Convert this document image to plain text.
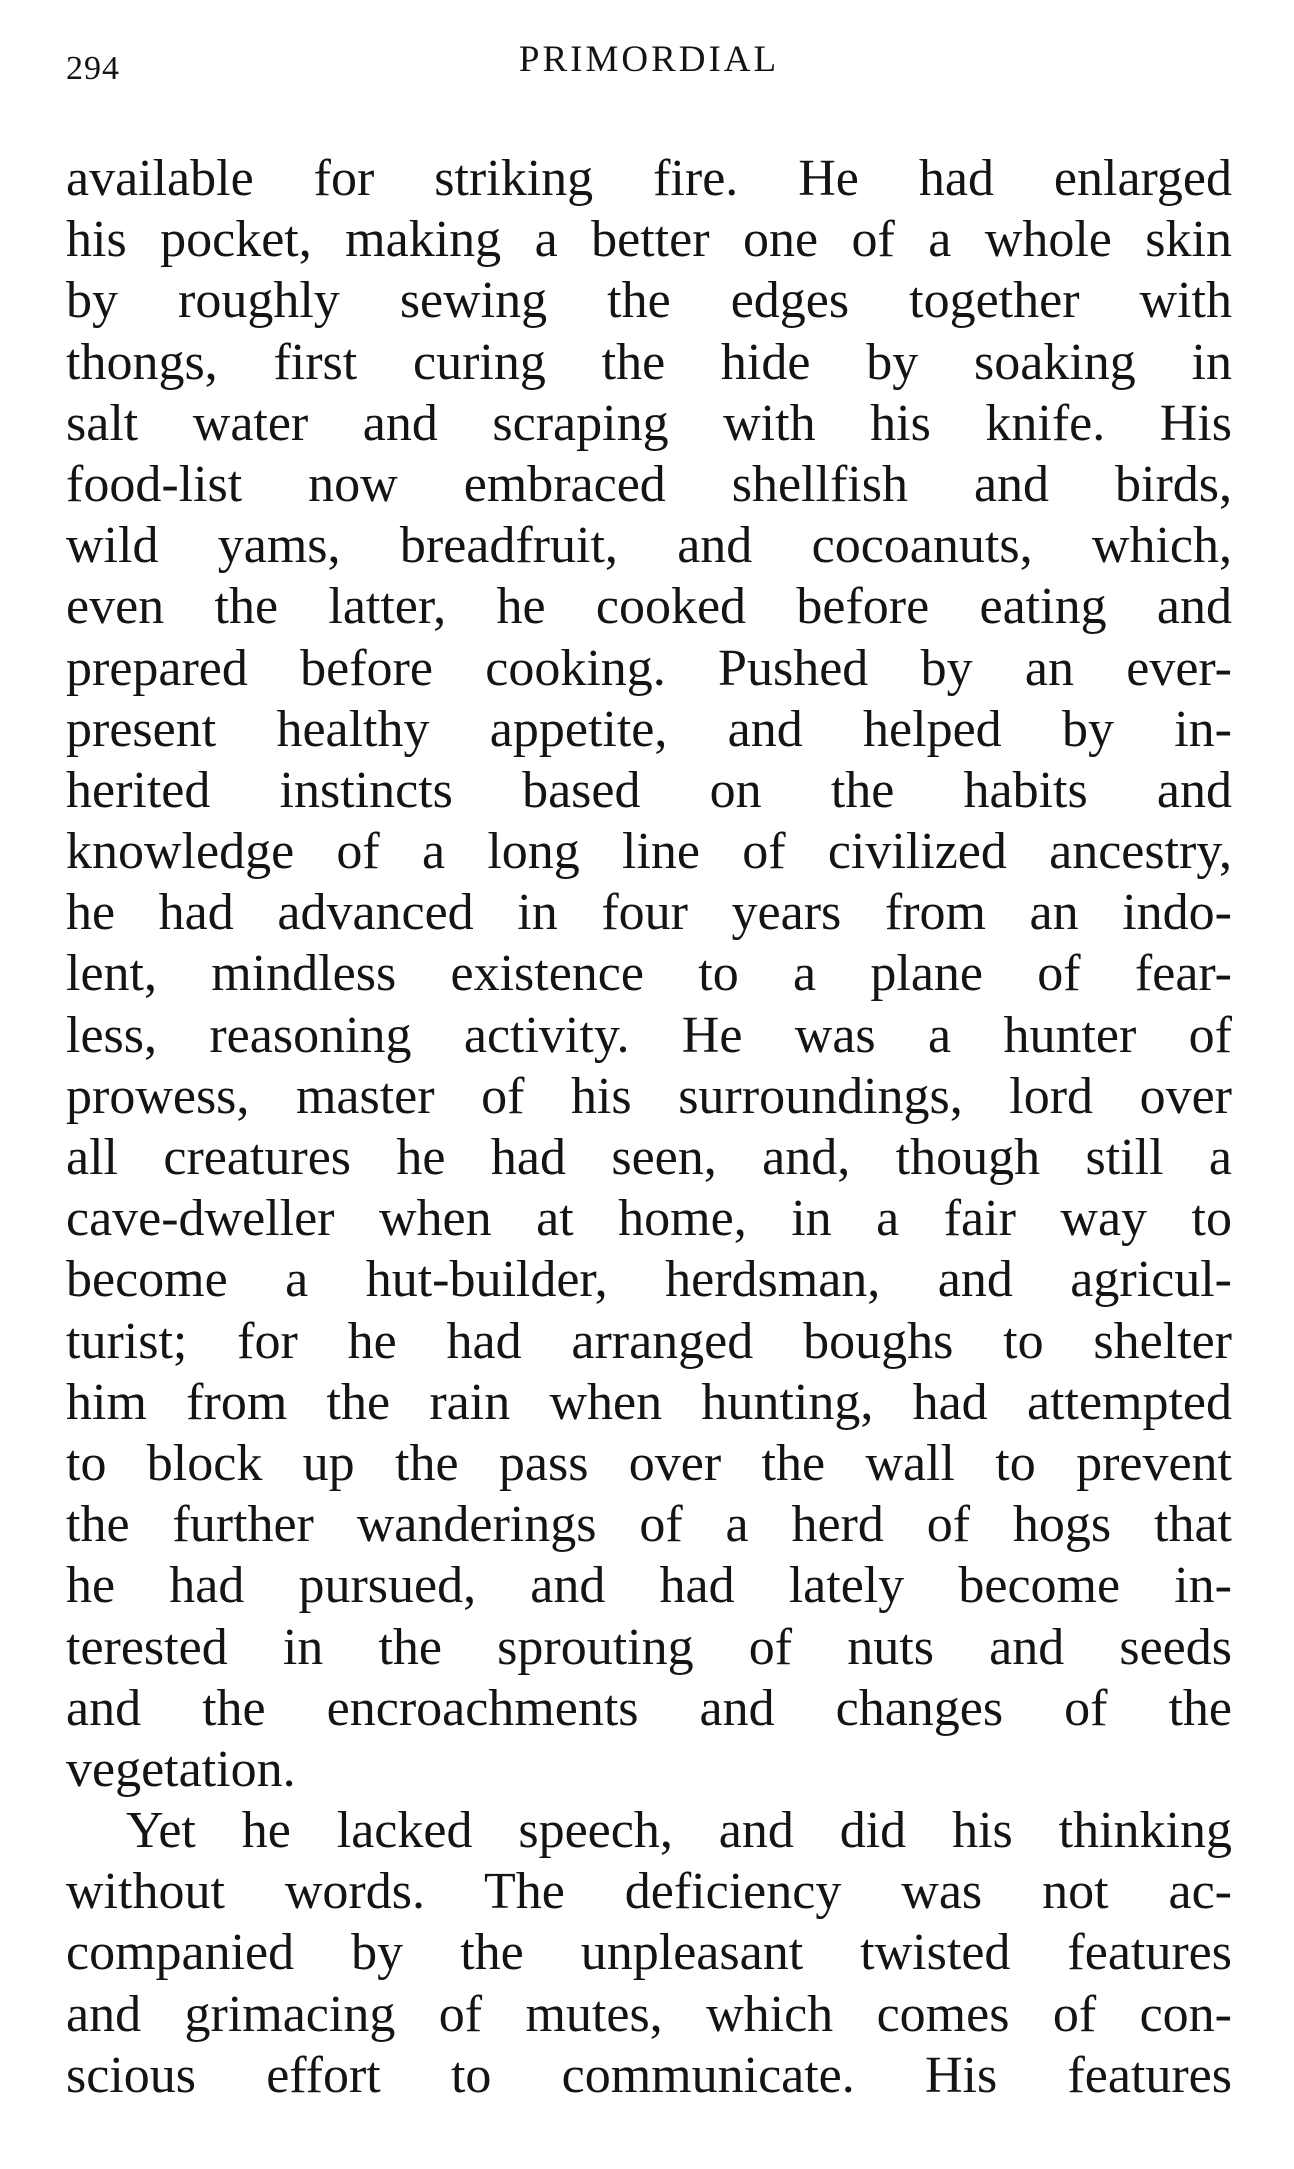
294	PRIMORDIAL
available for striking fire. He had enlarged
his pocket, making a better one of a whole skin
by roughly sewing the edges together with
thongs, first curing the hide by soaking in
salt water and scraping with his knife. His
food-list now embraced shellfish and birds,
wild yams, breadfruit, and cocoanuts, which,
even the latter, he cooked before eating and
prepared before cooking. Pushed by an ever-
present healthy appetite, and helped by in-
herited instincts based on the habits and
knowledge of a long line of civilized ancestry,
he had advanced in four years from an indo-
lent, mindless existence to a plane of fear-
less, reasoning activity. He was a hunter of
prowess, master of his surroundings, lord over
all creatures he had seen, and, though still a
cave-dweller when at home, in a fair way to
become a hut-builder, herdsman, and agricul-
turist; for he had arranged boughs to shelter
him from the rain when hunting, had attempted
to block up the pass over the wall to prevent
the further wanderings of a herd of hogs that
he had pursued, and had lately become in-
terested in the sprouting of nuts and seeds
and the encroachments and changes of the
vegetation.
Yet he lacked speech, and did his thinking
without words. The deficiency was not ac-
companied by the unpleasant twisted features
and grimacing of mutes, which comes of con-
scious effort to communicate. His features
